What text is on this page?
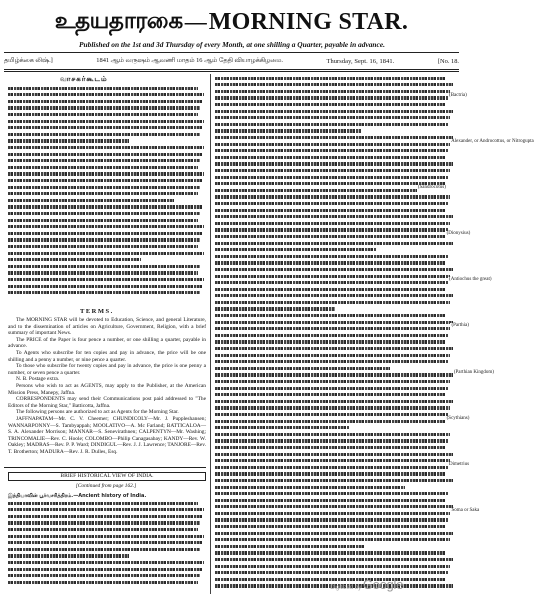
உதயதாரகை — MORNING STAR.
Published on the 1st and 3d Thursday of every Month, at one shilling a Quarter, payable in advance.
தமிழ்க்கை லிஷ்.]	1841 ஆம் வருஷம் ஆவணி மாதம் 16 ஆம் தேதி வியாழக்கிழமை.	Thursday, Sept. 16, 1841.	[No. 18.
வாசகர்கூடம்
TERMS.

The MORNING STAR will be devoted to Education, Science, and general Literature, and to the dissemination of articles on Agriculture, Government, Religion, with a brief summary of important News.

The PRICE of the Paper is four pence a number, or one shilling a quarter, payable in advance.

To Agents who subscribe for ten copies and pay in advance, the price will be one shilling and a penny a number, or nine pence a quarter.

To those who subscribe for twenty copies and pay in advance, the price is one penny a number, or seven pence a quarter.

N. B. Postage extra.

Persons who wish to act as AGENTS, may apply to the Publisher, at the American Mission Press, Manepy, Jaffna.

CORRESPONDENTS may send their Communications post paid addressed to "The Editors of the Morning Star," Batticotta, Jaffna.

The following persons are authorized to act as Agents for the Morning Star.

JAFFNAPATAM—Mr. C. V. Cheemer; CHUNDICOLY—Mr. J. Puppleshansen; WANNARPONNY—S. Tambyappah; MOOLATIVO—A. Mc Farland; BATTICALOA—S. A. Alexander Morrison; MANNAR—S. Senevirathnen; CALPENTYN—Mr. Washing; TRINCOMALIE—Rev. C. Hoole; COLOMBO—Philip Canagasabay; KANDY—Rev. W. Oakley; MADRAS—Rev. P. P. Ward; DINDIGUL—Rev. J. J. Lawrence; TANJORE—Rev. T. Brotherton; MADURA—Rev. J. R. Dulles, Esq.

BRIEF HISTORICAL VIEW OF INDIA.
[Continued from page 162.]
இந்தியாவின் பூர்வசரித்திரம்.—Ancient history of India.
(Bactria)
Alexander, or Androcottus, or Nitrogupta
(Sandrocotus)
(Dionysius)
(Antiochus the great)
(Parthia)
(Parthian Kingdom)
(Scythians)
Dimetrius
Soma or Saka
Digitized by Google
